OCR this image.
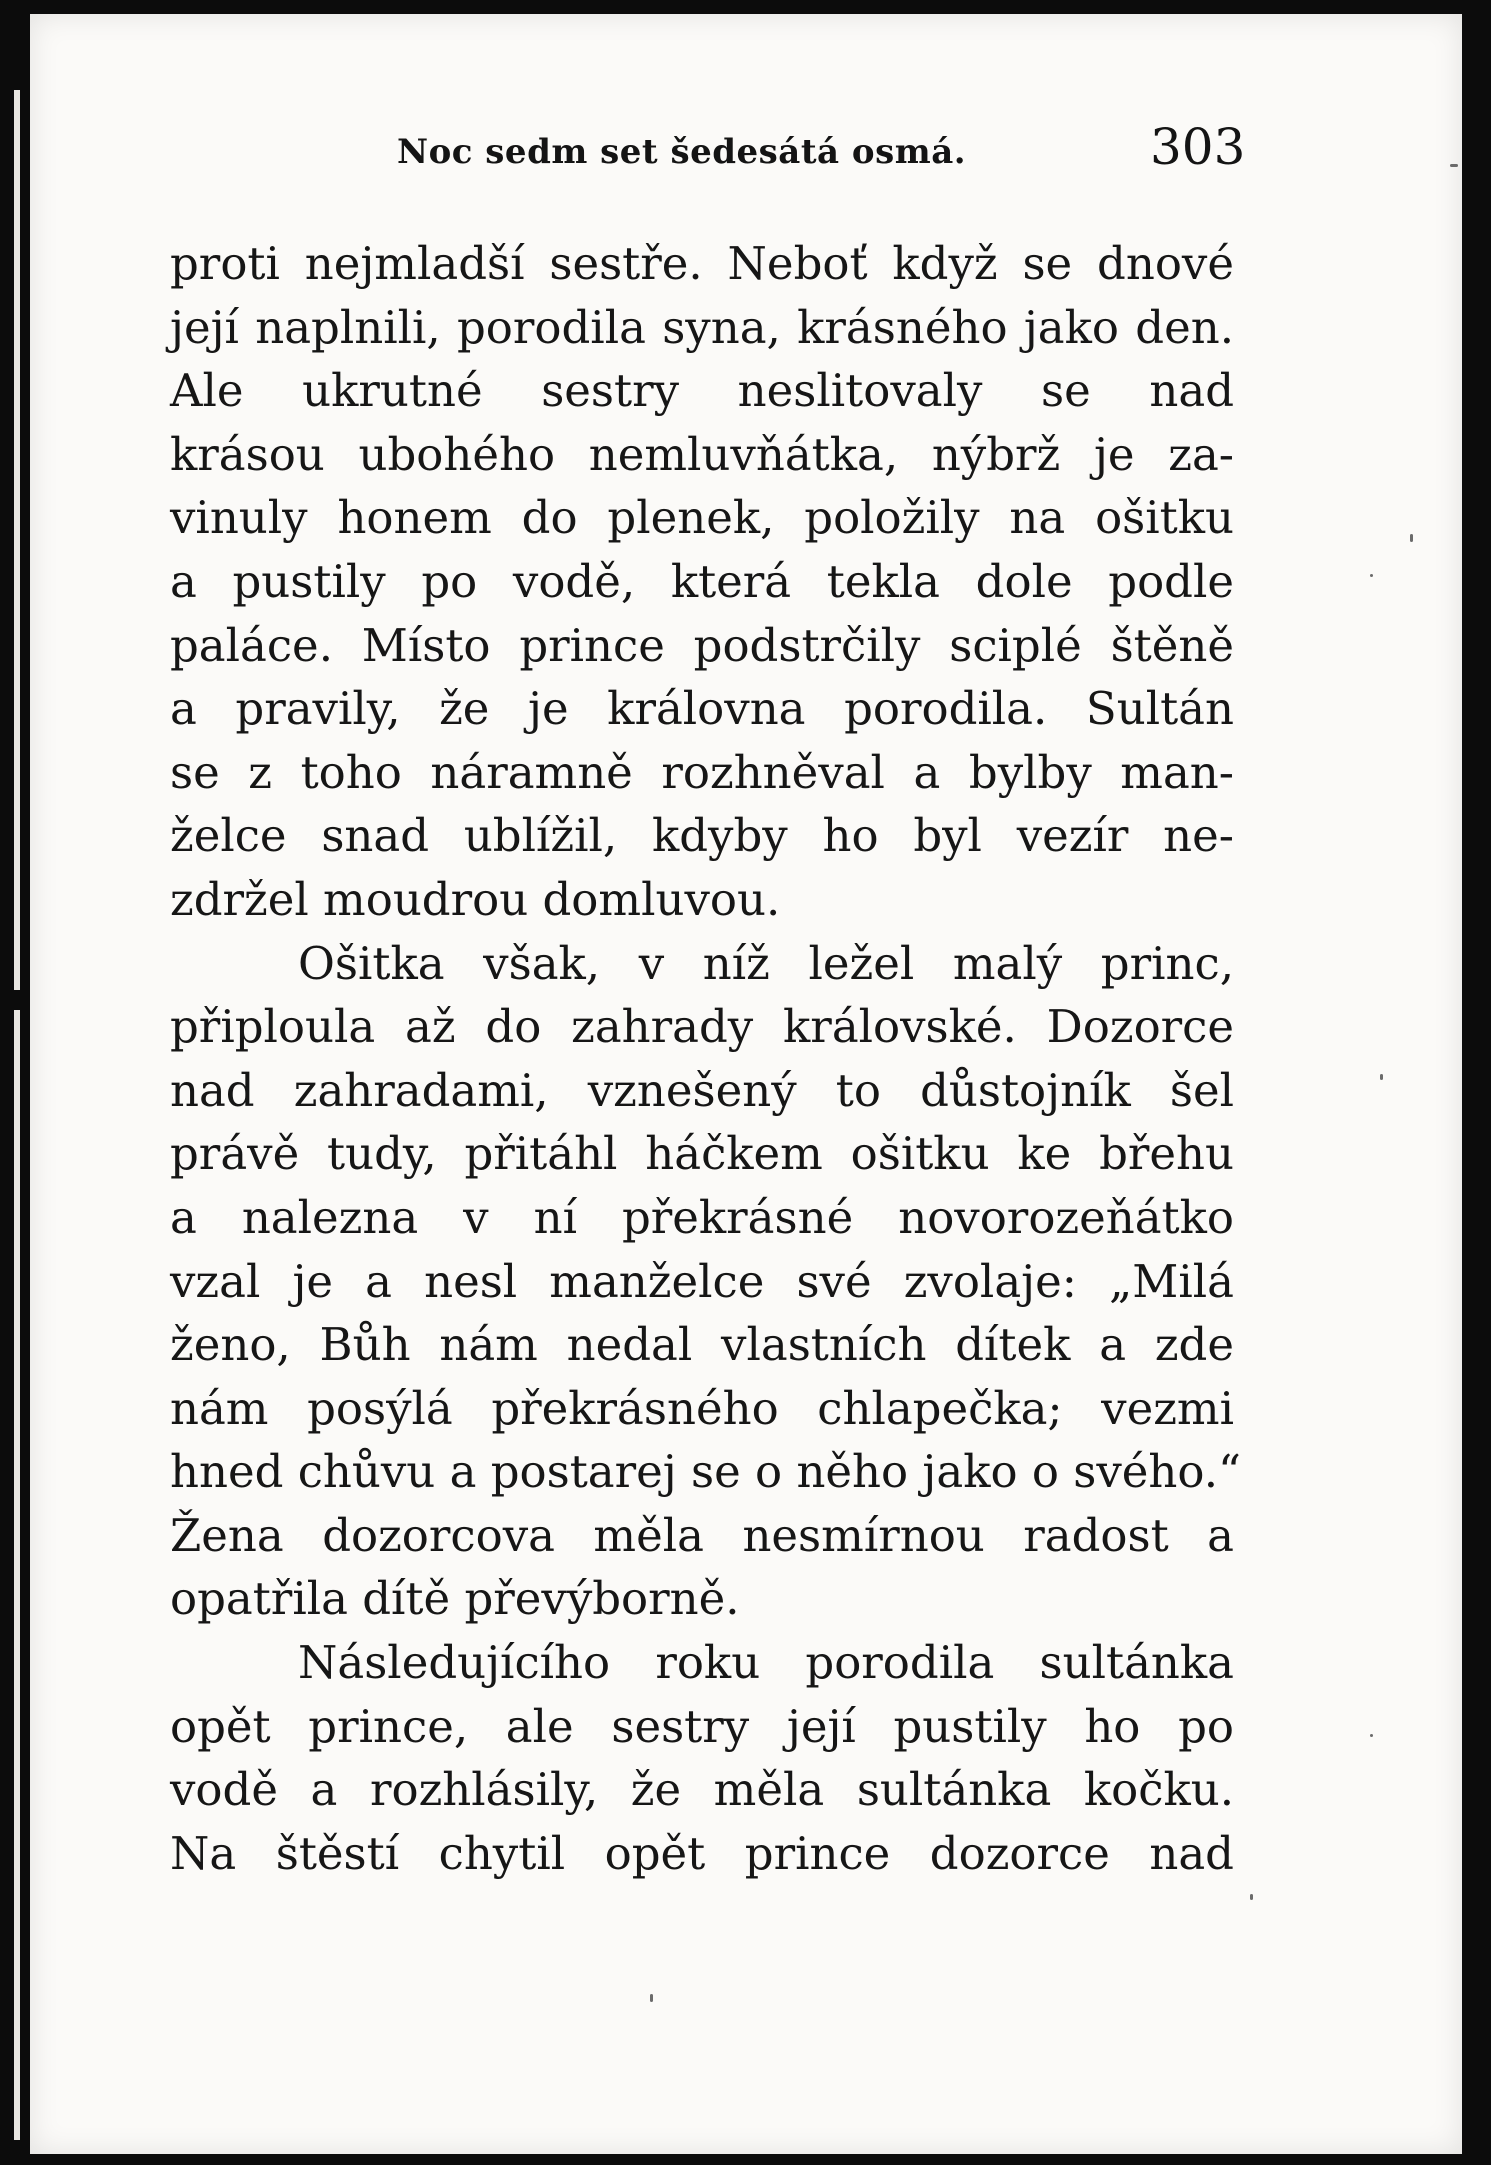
Noc sedm set šedesátá osmá.	303
proti nejmladší sestře. Neboť když se dnové
její naplnili, porodila syna, krásného jako den.
Ale ukrutné sestry neslitovaly se nad
krásou ubohého nemluvňátka, nýbrž je za-
vinuly honem do plenek, položily na ošitku
a pustily po vodě, která tekla dole podle
paláce. Místo prince podstrčily sciplé štěně
a pravily, že je královna porodila. Sultán
se z toho náramně rozhněval a bylby man-
želce snad ublížil, kdyby ho byl vezír ne-
zdržel moudrou domluvou.
Ošitka však, v níž ležel malý princ,
připloula až do zahrady královské. Dozorce
nad zahradami, vznešený to důstojník šel
právě tudy, přitáhl háčkem ošitku ke břehu
a nalezna v ní překrásné novorozeňátko
vzal je a nesl manželce své zvolaje: „Milá
ženo, Bůh nám nedal vlastních dítek a zde
nám posýlá překrásného chlapečka; vezmi
hned chůvu a postarej se o něho jako o svého.“
Žena dozorcova měla nesmírnou radost a
opatřila dítě převýborně.
Následujícího roku porodila sultánka
opět prince, ale sestry její pustily ho po
vodě a rozhlásily, že měla sultánka kočku.
Na štěstí chytil opět prince dozorce nad
